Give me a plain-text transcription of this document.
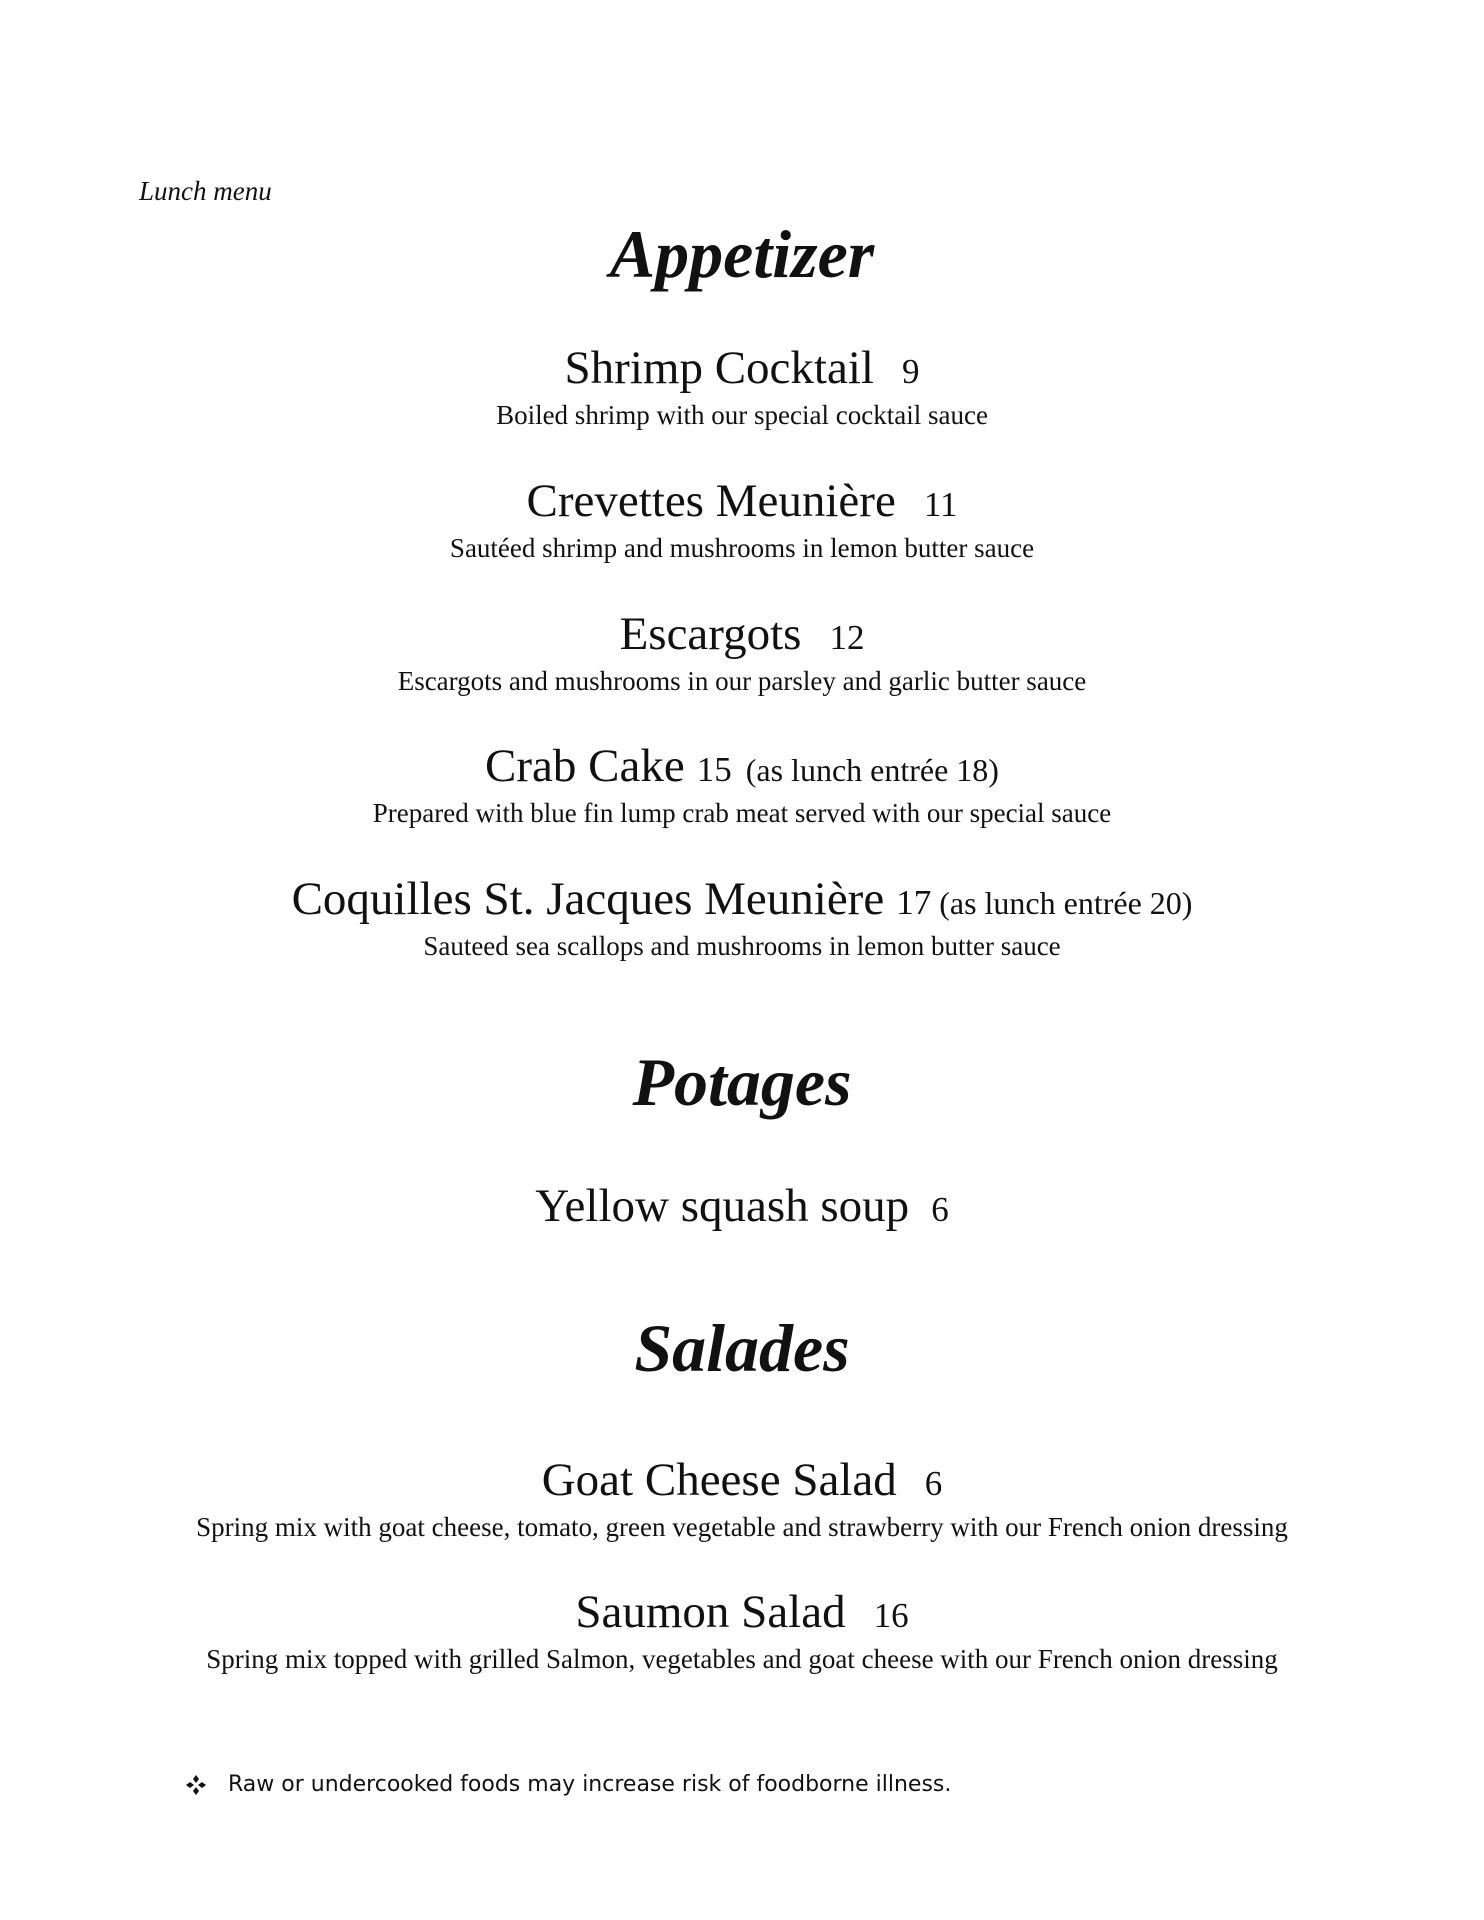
Lunch menu
Appetizer
Shrimp Cocktail 9
Boiled shrimp with our special cocktail sauce
Crevettes Meunière 11
Sautéed shrimp and mushrooms in lemon butter sauce
Escargots 12
Escargots and mushrooms in our parsley and garlic butter sauce
Crab Cake 15 (as lunch entrée 18)
Prepared with blue fin lump crab meat served with our special sauce
Coquilles St. Jacques Meunière 17 (as lunch entrée 20)
Sauteed sea scallops and mushrooms in lemon butter sauce
Potages
Yellow squash soup 6
Salades
Goat Cheese Salad 6
Spring mix with goat cheese, tomato, green vegetable and strawberry with our French onion dressing
Saumon Salad 16
Spring mix topped with grilled Salmon, vegetables and goat cheese with our French onion dressing
Raw or undercooked foods may increase risk of foodborne illness.
